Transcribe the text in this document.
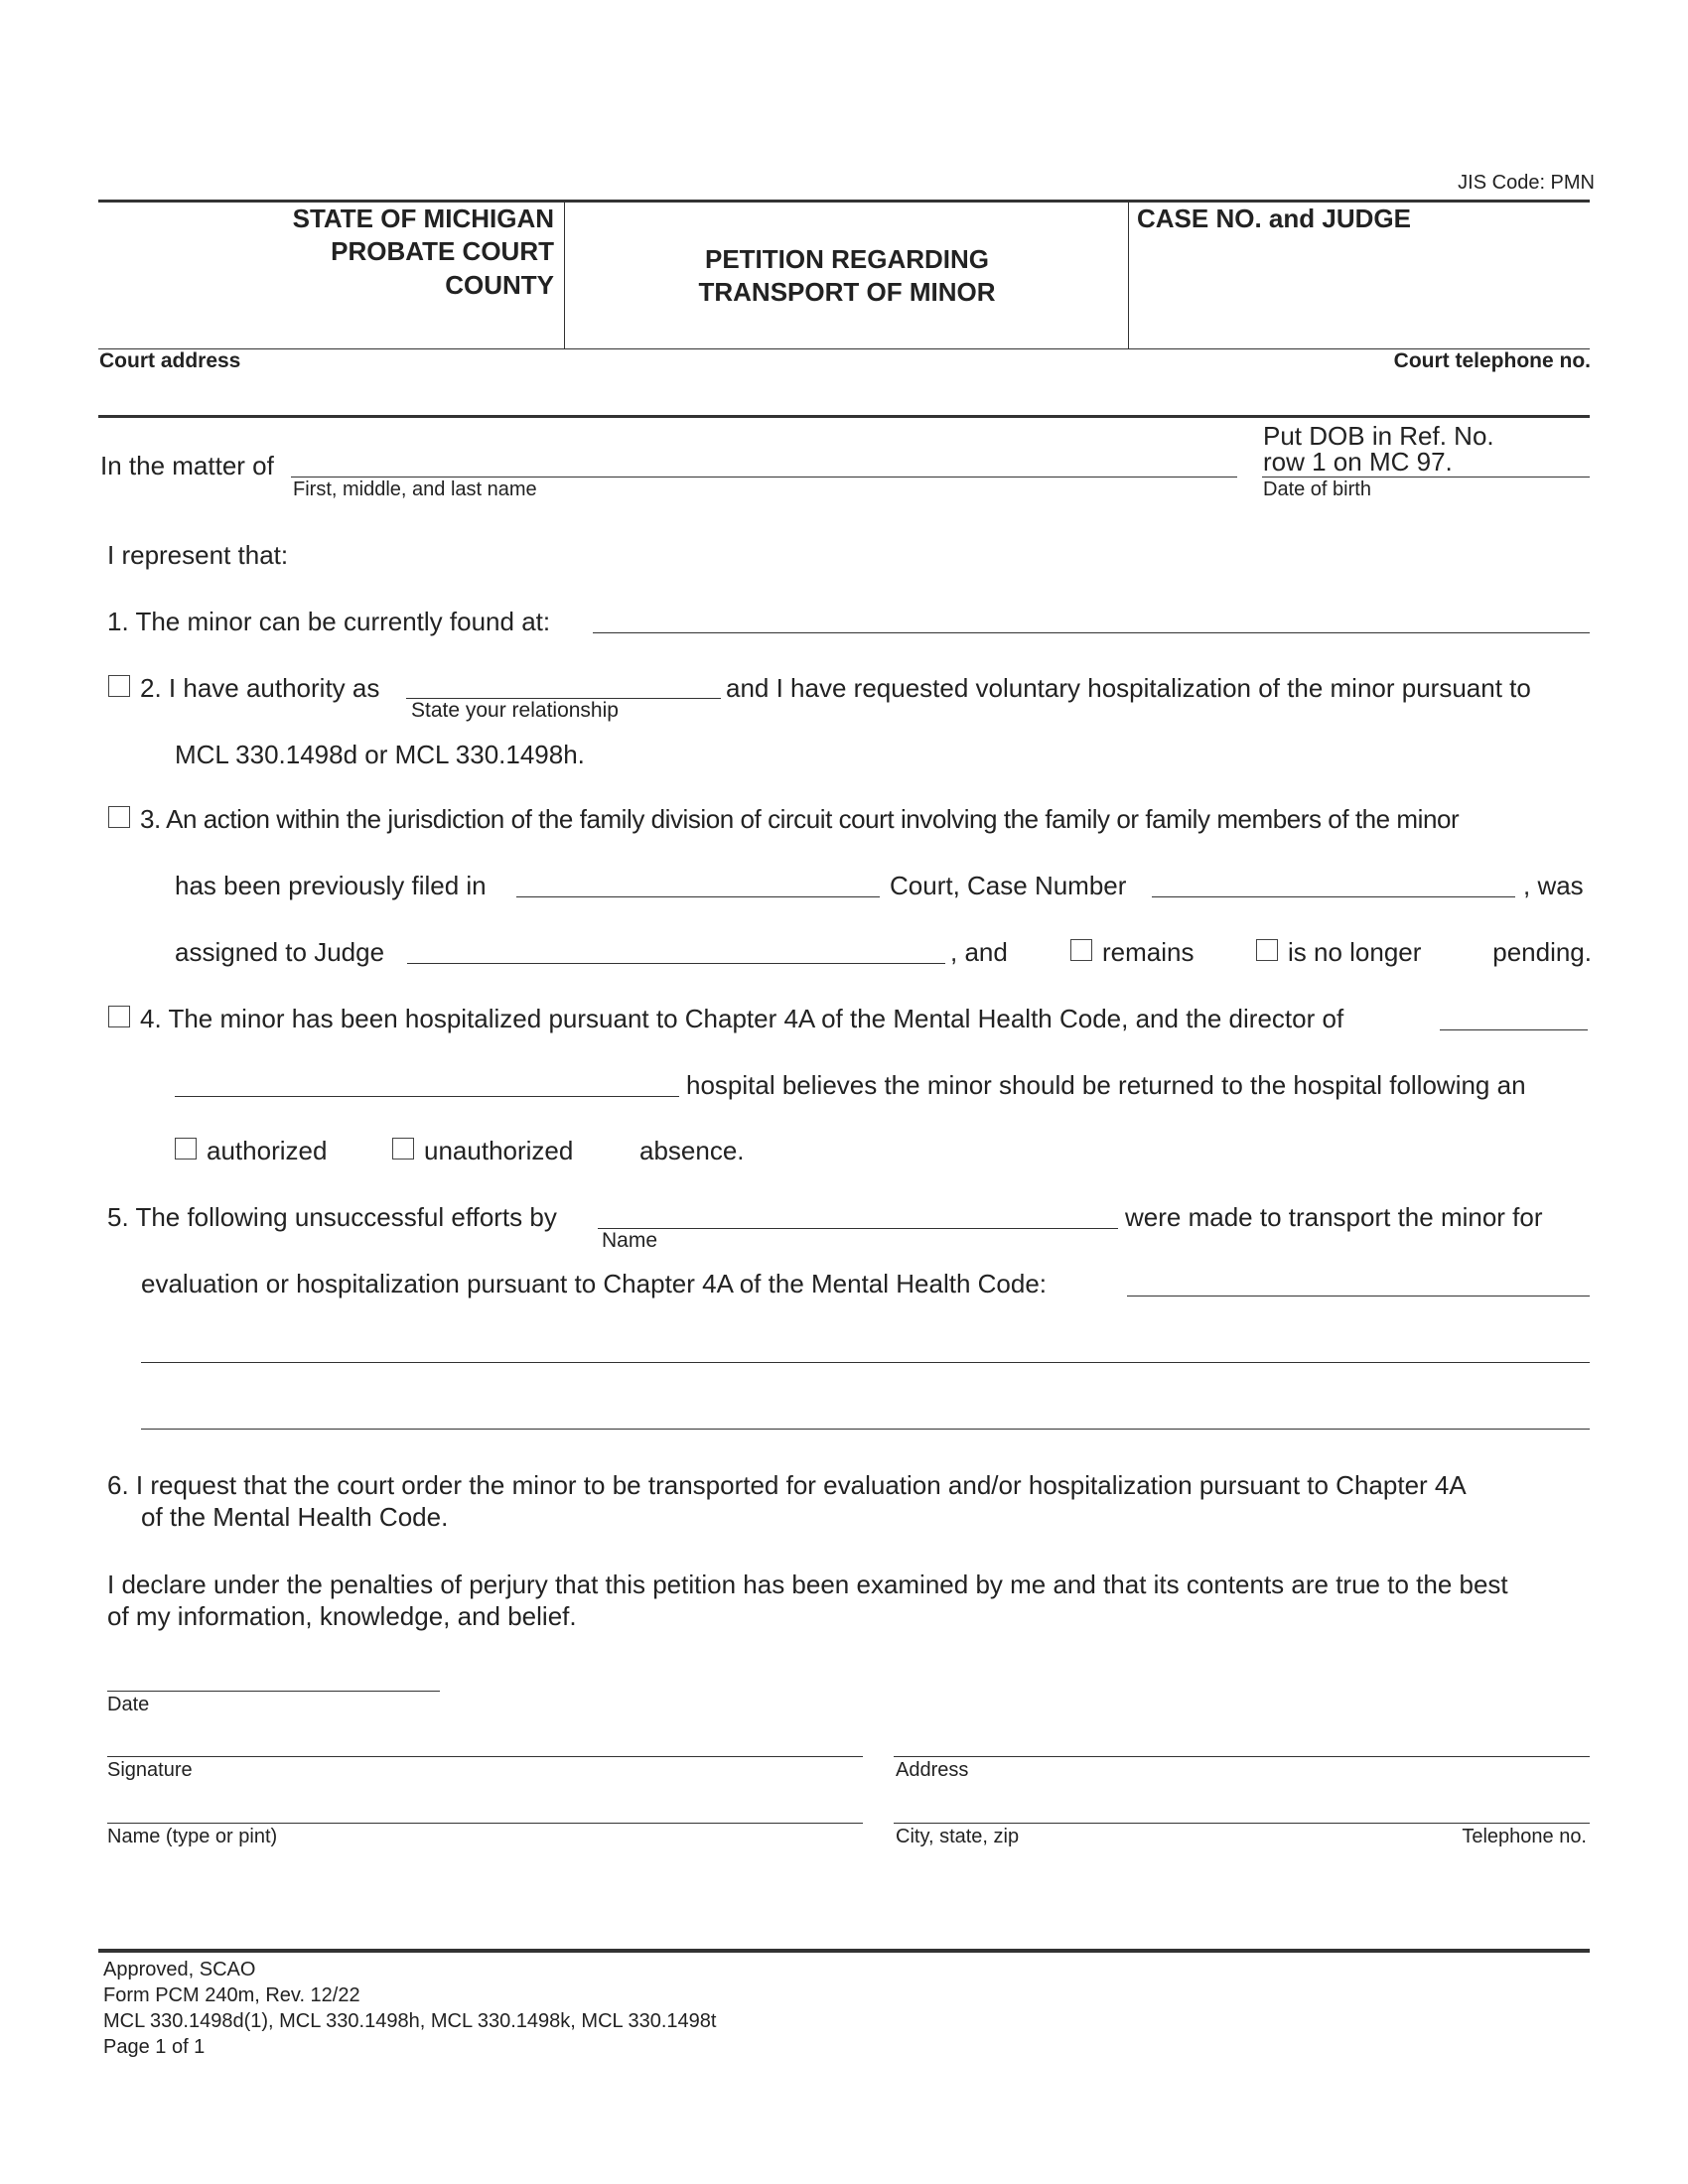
JIS Code: PMN
STATE OF MICHIGAN
PROBATE COURT
COUNTY
PETITION REGARDING
TRANSPORT OF MINOR
CASE NO. and JUDGE
Court address	Court telephone no.
In the matter of
First, middle, and last name
Put DOB in Ref. No.
row 1 on MC 97.
Date of birth
I represent that:
1. The minor can be currently found at:
2. I have authority as
State your relationship
and I have requested voluntary hospitalization of the minor pursuant to
MCL 330.1498d or MCL 330.1498h.
3. An action within the jurisdiction of the family division of circuit court involving the family or family members of the minor
has been previously filed in	Court, Case Number	, was
assigned to Judge	, and	remains	is no longer	pending.
4. The minor has been hospitalized pursuant to Chapter 4A of the Mental Health Code, and the director of
hospital believes the minor should be returned to the hospital following an
authorized	unauthorized	absence.
5. The following unsuccessful efforts by
Name
were made to transport the minor for
evaluation or hospitalization pursuant to Chapter 4A of the Mental Health Code:
6. I request that the court order the minor to be transported for evaluation and/or hospitalization pursuant to Chapter 4A
of the Mental Health Code.
I declare under the penalties of perjury that this petition has been examined by me and that its contents are true to the best
of my information, knowledge, and belief.
Date
Signature	Address
Name (type or pint)	City, state, zip	Telephone no.
Approved, SCAO
Form PCM 240m, Rev. 12/22
MCL 330.1498d(1), MCL 330.1498h, MCL 330.1498k, MCL 330.1498t
Page 1 of 1
